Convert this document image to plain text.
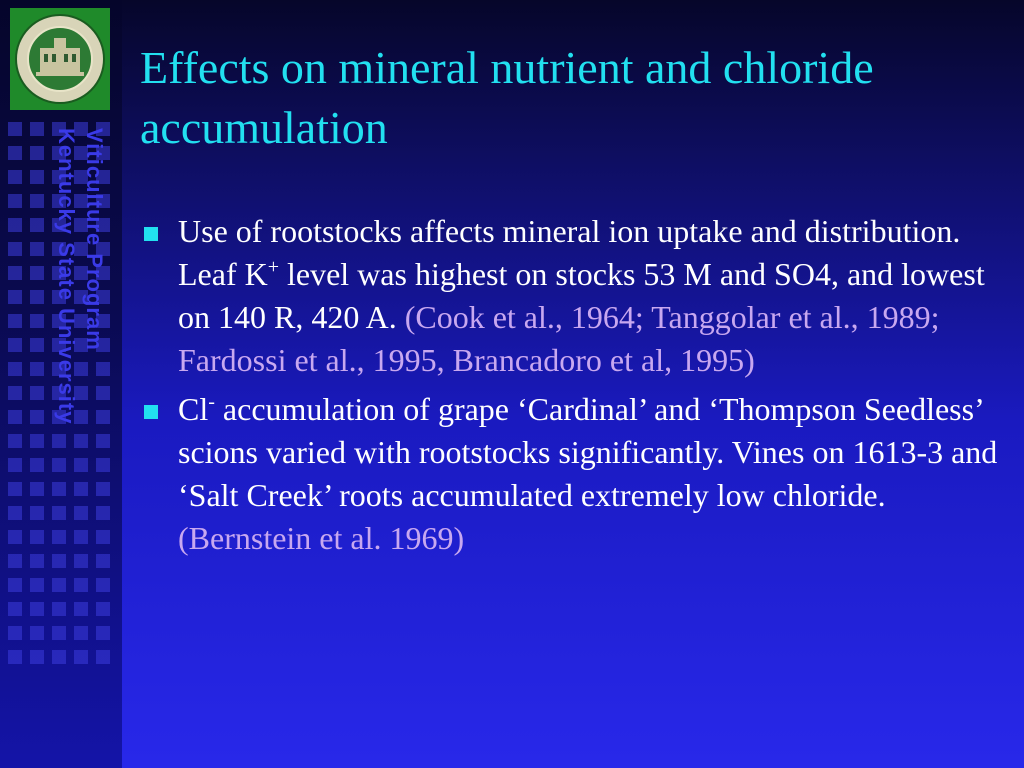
Viticulture Program
Kentucky State University
Effects on mineral nutrient and chloride accumulation
Use of rootstocks affects mineral ion uptake and distribution. Leaf K+ level was highest on stocks 53 M and SO4, and lowest on 140 R, 420 A. (Cook et al., 1964; Tanggolar et al., 1989; Fardossi et al., 1995, Brancadoro et al, 1995)
Cl- accumulation of grape ‘Cardinal’ and ‘Thompson Seedless’ scions varied with rootstocks significantly. Vines on 1613-3 and ‘Salt Creek’ roots accumulated extremely low chloride. (Bernstein et al. 1969)
